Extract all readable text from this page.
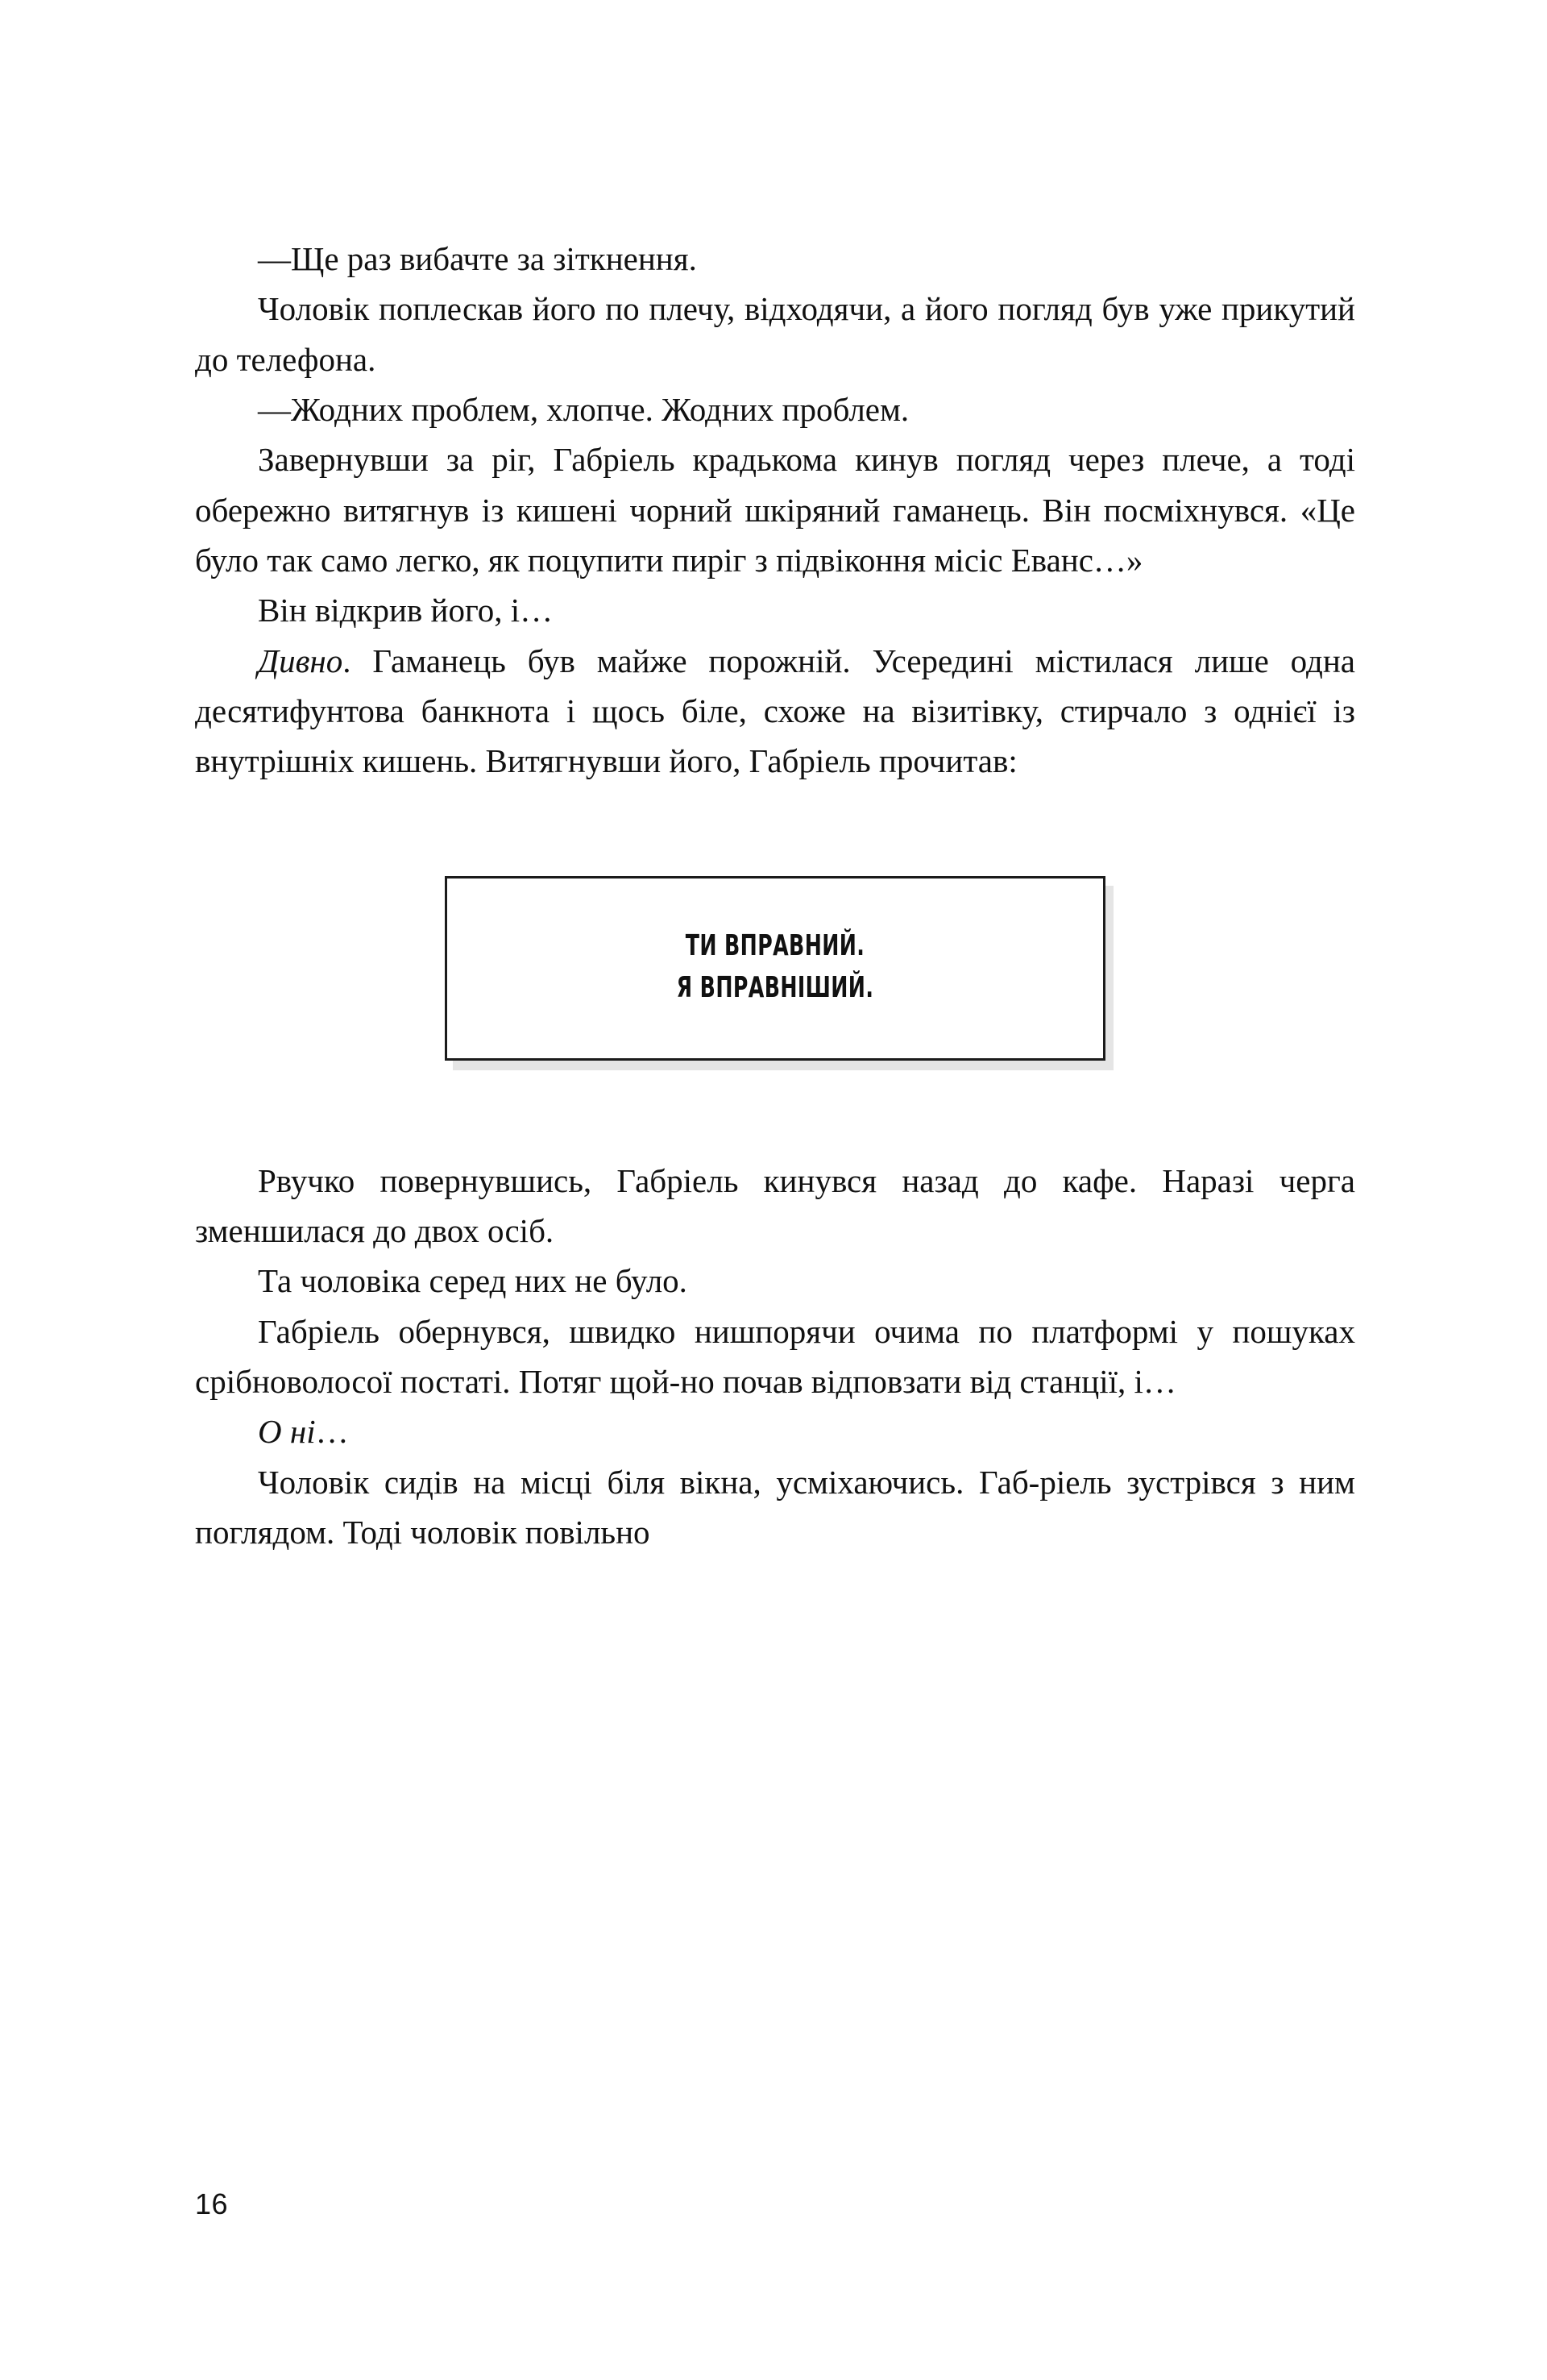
—Ще раз вибачте за зіткнення.

Чоловік поплескав його по плечу, відходячи, а його погляд був уже прикутий до телефона.

—Жодних проблем, хлопче. Жодних проблем.

Завернувши за ріг, Габріель крадькома кинув погляд через плече, а тоді обережно витягнув із кишені чорний шкіряний гаманець. Він посміхнувся. «Це було так само легко, як поцупити пиріг з підвіконня місіс Еванс…»

Він відкрив його, і…

Дивно. Гаманець був майже порожній. Усередині містилася лише одна десятифунтова банкнота і щось біле, схоже на візитівку, стирчало з однієї із внутрішніх кишень. Витягнувши його, Габріель прочитав:

ТИ ВПРАВНИЙ.
Я ВПРАВНІШИЙ.

Рвучко повернувшись, Габріель кинувся назад до кафе. Наразі черга зменшилася до двох осіб.

Та чоловіка серед них не було.

Габріель обернувся, швидко нишпорячи очима по платформі у пошуках срібноволосої постаті. Потяг щой-но почав відповзати від станції, і…

О ні…

Чоловік сидів на місці біля вікна, усміхаючись. Габ-ріель зустрівся з ним поглядом. Тоді чоловік повільно

16
